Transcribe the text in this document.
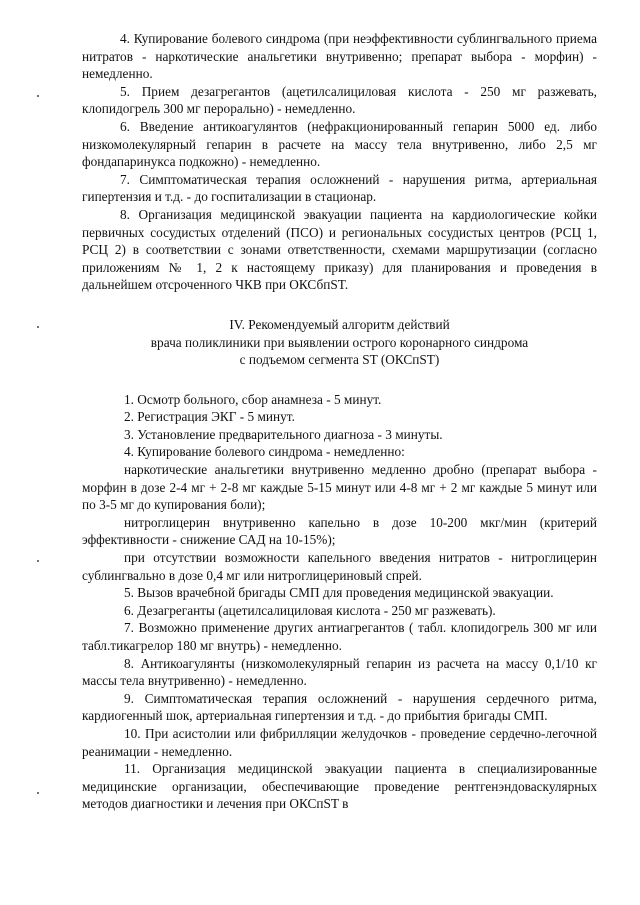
4. Купирование болевого синдрома (при неэффективности сублингвального приема нитратов - наркотические анальгетики внутривенно; препарат выбора - морфин) - немедленно.

5. Прием дезагрегантов (ацетилсалициловая кислота - 250 мг разжевать, клопидогрель 300 мг перорально) - немедленно.

6. Введение антикоагулянтов (нефракционированный гепарин 5000 ед. либо низкомолекулярный гепарин в расчете на массу тела внутривенно, либо 2,5 мг фондапаринукса подкожно) - немедленно.

7. Симптоматическая терапия осложнений - нарушения ритма, артериальная гипертензия и т.д. - до госпитализации в стационар.

8. Организация медицинской эвакуации пациента на кардиологические койки первичных сосудистых отделений (ПСО) и региональных сосудистых центров (РСЦ 1, РСЦ 2) в соответствии с зонами ответственности, схемами маршрутизации (согласно приложениям № 1, 2 к настоящему приказу) для планирования и проведения в дальнейшем отсроченного ЧКВ при ОКСбпST.

IV. Рекомендуемый алгоритм действий

врача поликлиники при выявлении острого коронарного синдрома

с подъемом сегмента ST (ОКСпST)

1. Осмотр больного, сбор анамнеза - 5 минут.

2. Регистрация ЭКГ - 5 минут.

3. Установление предварительного диагноза - 3 минуты.

4. Купирование болевого синдрома - немедленно:

наркотические анальгетики внутривенно медленно дробно (препарат выбора - морфин в дозе 2-4 мг + 2-8 мг каждые 5-15 минут или 4-8 мг + 2 мг каждые 5 минут или по 3-5 мг до купирования боли);

нитроглицерин внутривенно капельно в дозе 10-200 мкг/мин (критерий эффективности - снижение САД на 10-15%);

при отсутствии возможности капельного введения нитратов - нитроглицерин сублингвально в дозе 0,4 мг или нитроглицериновый спрей.

5. Вызов врачебной бригады СМП для проведения медицинской эвакуации.

6. Дезагреганты (ацетилсалициловая кислота - 250 мг разжевать).

7. Возможно применение других антиагрегантов ( табл. клопидогрель 300 мг или табл.тикагрелор 180 мг внутрь) - немедленно.

8. Антикоагулянты (низкомолекулярный гепарин из расчета на массу 0,1/10 кг массы тела внутривенно) - немедленно.

9. Симптоматическая терапия осложнений - нарушения сердечного ритма, кардиогенный шок, артериальная гипертензия и т.д. - до прибытия бригады СМП.

10. При асистолии или фибрилляции желудочков - проведение сердечно-легочной реанимации - немедленно.

11. Организация медицинской эвакуации пациента в специализированные медицинские организации, обеспечивающие проведение рентгенэндоваскулярных методов диагностики и лечения при ОКСпST в
